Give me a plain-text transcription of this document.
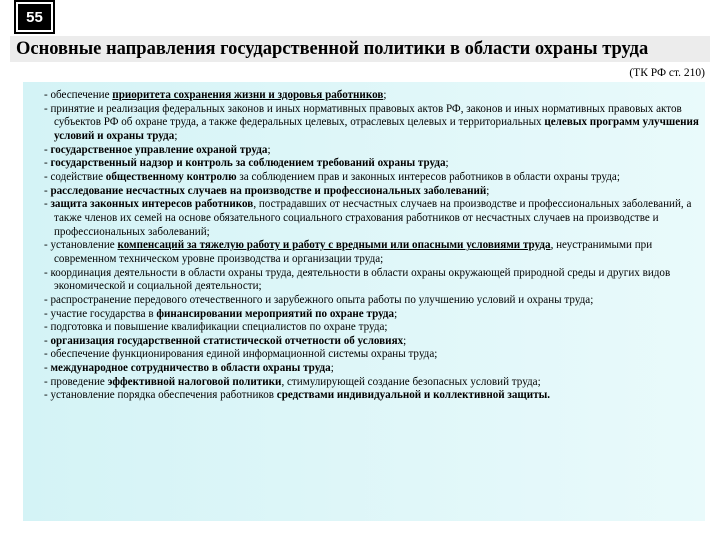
55
Основные направления государственной политики в области охраны труда
(ТК РФ ст. 210)
- обеспечение приоритета сохранения жизни и здоровья работников;
- принятие и реализация федеральных законов и иных нормативных правовых актов РФ, законов и иных нормативных правовых актов субъектов РФ об охране труда, а также федеральных целевых, отраслевых целевых и территориальных целевых программ улучшения условий и охраны труда;
- государственное управление охраной труда;
- государственный надзор и контроль за соблюдением требований охраны труда;
- содействие общественному контролю за соблюдением прав и законных интересов работников в области охраны труда;
- расследование несчастных случаев на производстве и профессиональных заболеваний;
- защита законных интересов работников, пострадавших от несчастных случаев на производстве и профессиональных заболеваний, а также членов их семей на основе обязательного социального страхования работников от несчастных случаев на производстве и профессиональных заболеваний;
- установление компенсаций за тяжелую работу и работу с вредными или опасными условиями труда, неустранимыми при современном техническом уровне производства и организации труда;
- координация деятельности в области охраны труда, деятельности в области охраны окружающей природной среды и других видов экономической и социальной деятельности;
- распространение передового отечественного и зарубежного опыта работы по улучшению условий и охраны труда;
- участие государства в финансировании мероприятий по охране труда;
- подготовка и повышение квалификации специалистов по охране труда;
- организация государственной статистической отчетности об условиях;
- обеспечение функционирования единой информационной системы охраны труда;
- международное сотрудничество в области охраны труда;
- проведение эффективной налоговой политики, стимулирующей создание безопасных условий труда;
- установление порядка обеспечения работников средствами индивидуальной и коллективной защиты.
